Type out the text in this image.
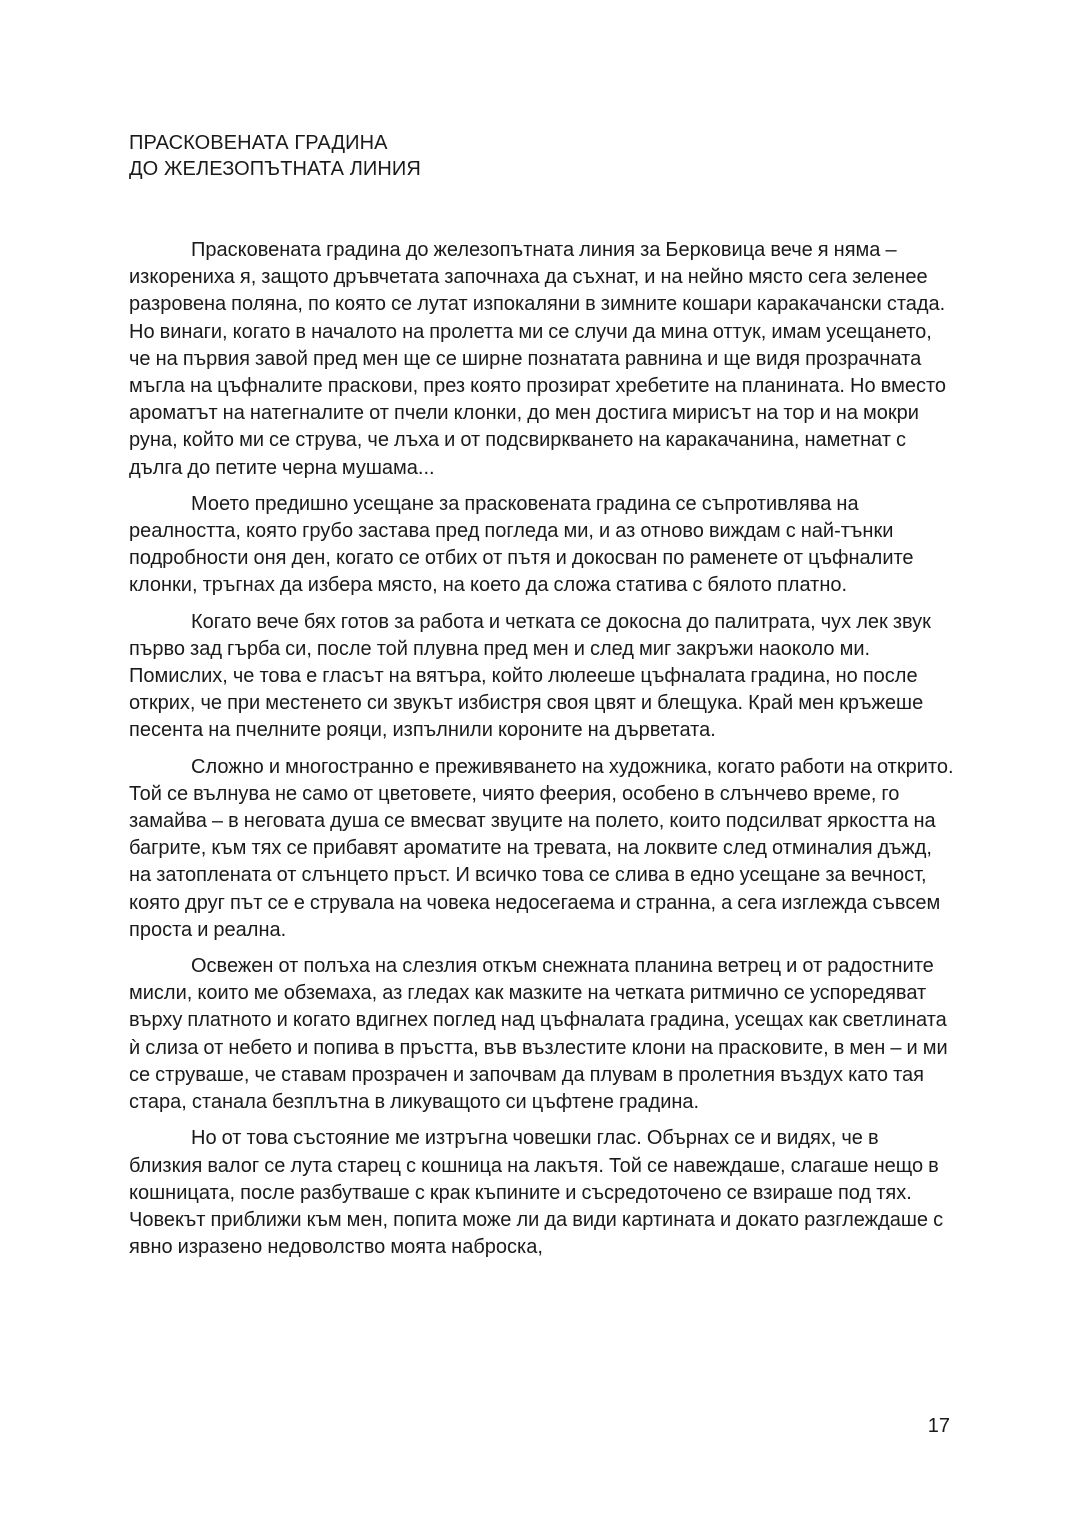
ПРАСКОВЕНАТА ГРАДИНА
ДО ЖЕЛЕЗОПЪТНАТА ЛИНИЯ

Прасковената градина до железопътната линия за Берковица вече я няма – изкорениха я, защото дръвчетата започнаха да съхнат, и на нейно място сега зеленее разровена поляна, по която се лутат изпокаляни в зимните кошари каракачански стада. Но винаги, когато в началото на пролетта ми се случи да мина оттук, имам усещането, че на първия завой пред мен ще се ширне познатата равнина и ще видя прозрачната мъгла на цъфналите праскови, през която прозират хребетите на планината. Но вместо ароматът на натегналите от пчели клонки, до мен достига мирисът на тор и на мокри руна, който ми се струва, че лъха и от подсвиркването на каракачанина, наметнат с дълга до петите черна мушама...

Моето предишно усещане за прасковената градина се съпротивлява на реалността, която грубо застава пред погледа ми, и аз отново виждам с най-тънки подробности оня ден, когато се отбих от пътя и докосван по раменете от цъфналите клонки, тръгнах да избера място, на което да сложа статива с бялото платно.

Когато вече бях готов за работа и четката се докосна до палитрата, чух лек звук първо зад гърба си, после той плувна пред мен и след миг закръжи наоколо ми. Помислих, че това е гласът на вятъра, който люлееше цъфналата градина, но после открих, че при местенето си звукът избистря своя цвят и блещука. Край мен кръжеше песента на пчелните рояци, изпълнили короните на дърветата.

Сложно и многостранно е преживяването на художника, когато работи на открито. Той се вълнува не само от цветовете, чиято феерия, особено в слънчево време, го замайва – в неговата душа се вмесват звуците на полето, които подсилват яркостта на багрите, към тях се прибавят ароматите на тревата, на локвите след отминалия дъжд, на затоплената от слънцето пръст. И всичко това се слива в едно усещане за вечност, която друг път се е струвала на човека недосегаема и странна, а сега изглежда съвсем проста и реална.

Освежен от полъха на слезлия откъм снежната планина ветрец и от радостните мисли, които ме обземаха, аз гледах как мазките на четката ритмично се успоредяват върху платното и когато вдигнех поглед над цъфналата градина, усещах как светлината ѝ слиза от небето и попива в пръстта, във възлестите клони на прасковите, в мен – и ми се струваше, че ставам прозрачен и започвам да плувам в пролетния въздух като тая стара, станала безплътна в ликуващото си цъфтене градина.

Но от това състояние ме изтръгна човешки глас. Обърнах се и видях, че в близкия валог се лута старец с кошница на лакътя. Той се навеждаше, слагаше нещо в кошницата, после разбутваше с крак къпините и съсредоточено се взираше под тях. Човекът приближи към мен, попита може ли да види картината и докато разглеждаше с явно изразено недоволство моята наброска,

17
